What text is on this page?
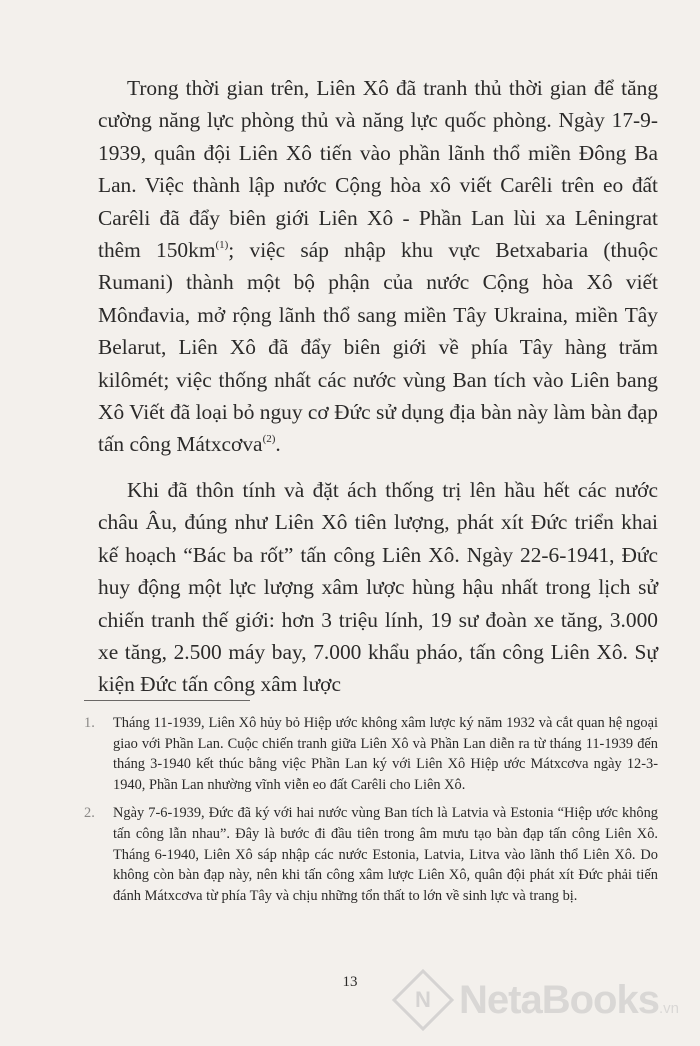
Trong thời gian trên, Liên Xô đã tranh thủ thời gian để tăng cường năng lực phòng thủ và năng lực quốc phòng. Ngày 17-9-1939, quân đội Liên Xô tiến vào phần lãnh thổ miền Đông Ba Lan. Việc thành lập nước Cộng hòa xô viết Carêli trên eo đất Carêli đã đẩy biên giới Liên Xô - Phần Lan lùi xa Lêningrat thêm $150km^{(1)}$; việc sáp nhập khu vực Betxabaria (thuộc Rumani) thành một bộ phận của nước Cộng hòa Xô viết Mônđavia, mở rộng lãnh thổ sang miền Tây Ukraina, miền Tây Belarut, Liên Xô đã đẩy biên giới về phía Tây hàng trăm kilômét; việc thống nhất các nước vùng Ban tích vào Liên bang Xô Viết đã loại bỏ nguy cơ Đức sử dụng địa bàn này làm bàn đạp tấn công Mátxcơva$^{(2)}$.

Khi đã thôn tính và đặt ách thống trị lên hầu hết các nước châu Âu, đúng như Liên Xô tiên lượng, phát xít Đức triển khai kế hoạch “Bác ba rốt” tấn công Liên Xô. Ngày 22-6-1941, Đức huy động một lực lượng xâm lược hùng hậu nhất trong lịch sử chiến tranh thế giới: hơn 3 triệu lính, 19 sư đoàn xe tăng, 3.000 xe tăng, 2.500 máy bay, 7.000 khẩu pháo, tấn công Liên Xô. Sự kiện Đức tấn công xâm lược

1. Tháng 11-1939, Liên Xô hủy bỏ Hiệp ước không xâm lược ký năm 1932 và cắt quan hệ ngoại giao với Phần Lan. Cuộc chiến tranh giữa Liên Xô và Phần Lan diễn ra từ tháng 11-1939 đến tháng 3-1940 kết thúc bằng việc Phần Lan ký với Liên Xô Hiệp ước Mátxcơva ngày 12-3-1940, Phần Lan nhường vĩnh viễn eo đất Carêli cho Liên Xô.
2. Ngày 7-6-1939, Đức đã ký với hai nước vùng Ban tích là Latvia và Estonia “Hiệp ước không tấn công lẫn nhau”. Đây là bước đi đầu tiên trong âm mưu tạo bàn đạp tấn công Liên Xô. Tháng 6-1940, Liên Xô sáp nhập các nước Estonia, Latvia, Litva vào lãnh thổ Liên Xô. Do không còn bàn đạp này, nên khi tấn công xâm lược Liên Xô, quân đội phát xít Đức phải tiến đánh Mátxcơva từ phía Tây và chịu những tổn thất to lớn về sinh lực và trang bị.
13
N NetaBooks.vn
